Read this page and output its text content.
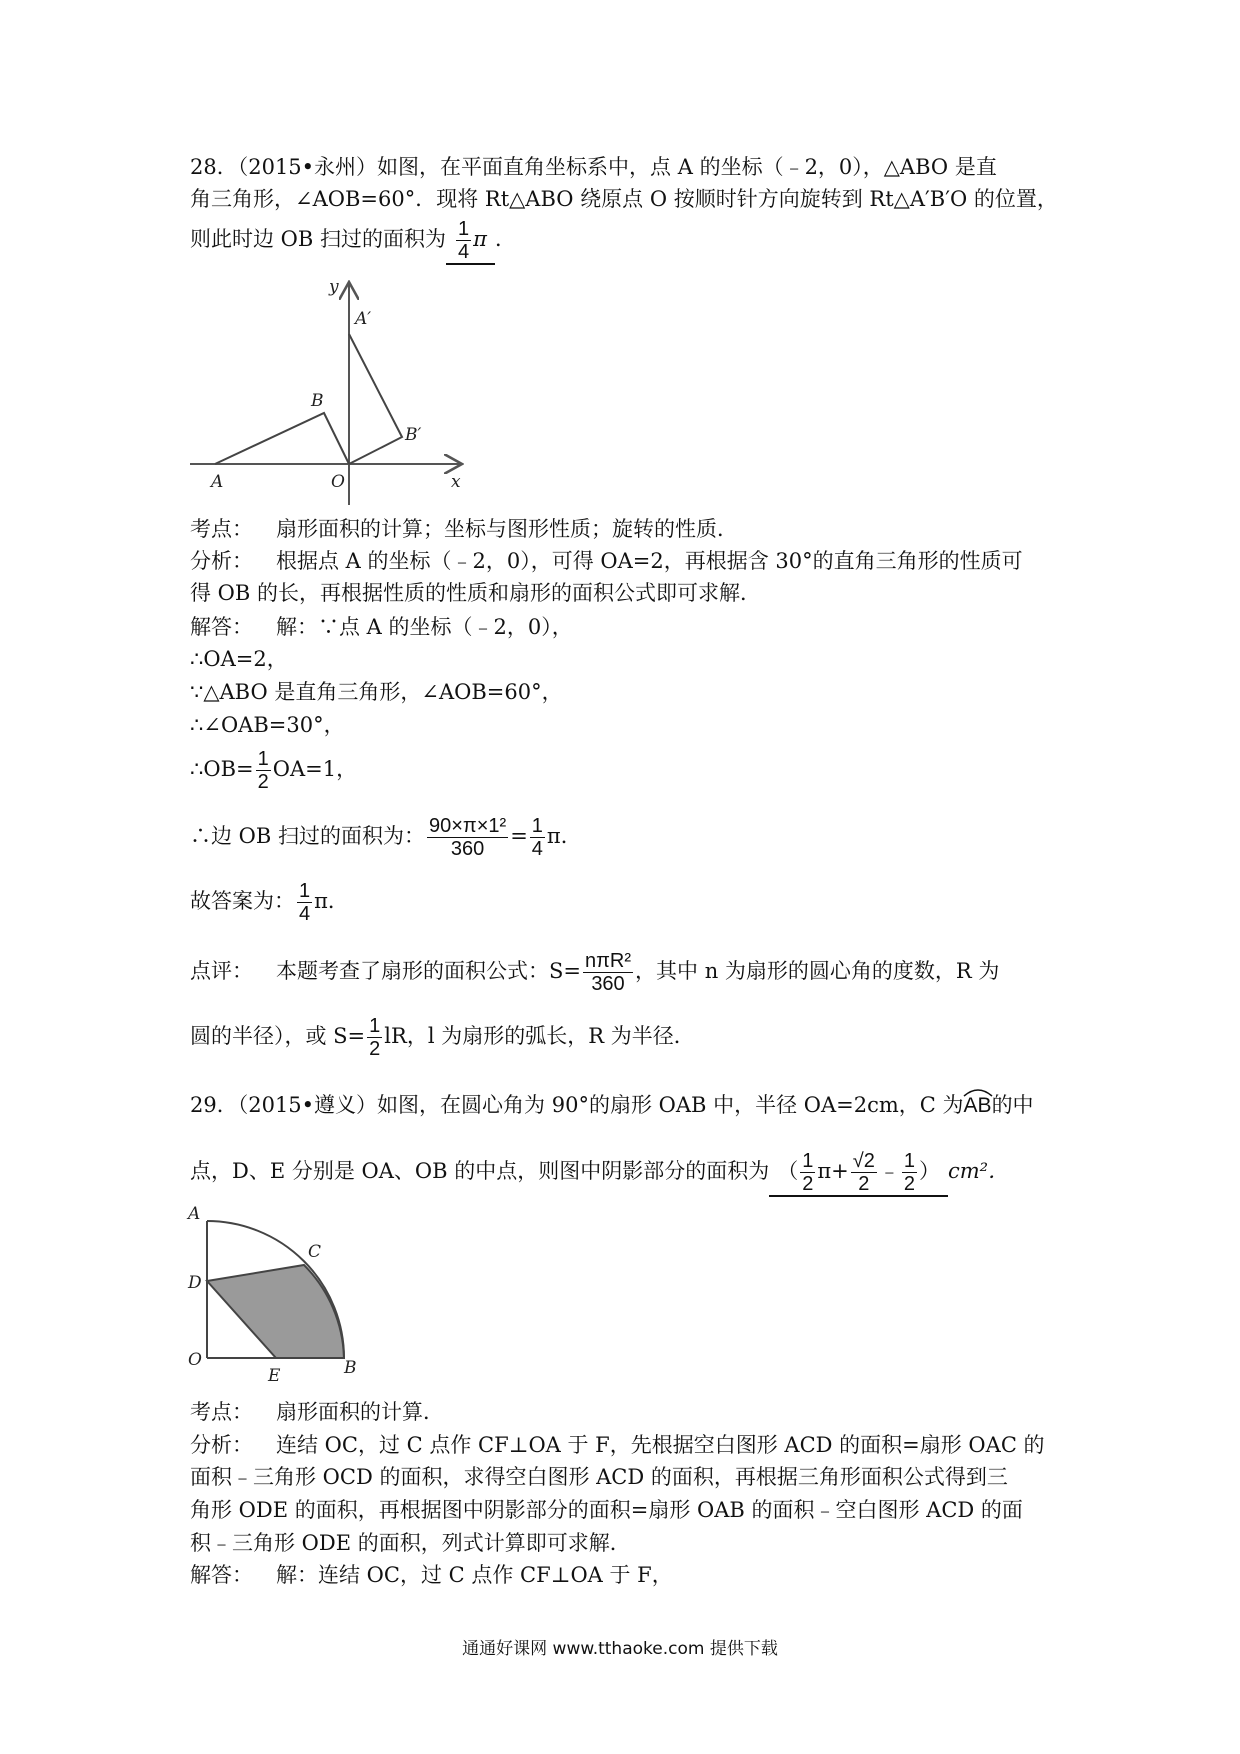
28．（2015•永州）如图，在平面直角坐标系中，点 A 的坐标（﹣2，0），△ABO 是直
角三角形，∠AOB=60°．现将 Rt△ABO 绕原点 O 按顺时针方向旋转到 Rt△A′B′O 的位置，
则此时边 OB 扫过的面积为 $\frac{1}{4}$ π ．
y
A′
B
B′
A	O	x
考点： 扇形面积的计算；坐标与图形性质；旋转的性质．
分析： 根据点 A 的坐标（﹣2，0），可得 OA=2，再根据含 30°的直角三角形的性质可
得 OB 的长，再根据性质的性质和扇形的面积公式即可求解．
解答： 解：∵点 A 的坐标（﹣2，0），
∴OA=2，
∵△ABO 是直角三角形，∠AOB=60°，
∴∠OAB=30°，
∴OB= $\frac{1}{2} OA=1$，
∴边 OB 扫过的面积为： $\frac{\text{90×π×1²}}{360} = \frac{1}{4}$ π．
故答案为： $\frac{1}{4}$ π．
点评： 本题考查了扇形的面积公式：$S= \frac{\text{nπR²}}{360}$ ，其中 n 为扇形的圆心角的度数，R 为
圆的半径），或 $S= \frac{1}{2}$ lR，l 为扇形的弧长，R 为半径．
29．（2015•遵义）如图，在圆心角为 90°的扇形 OAB 中，半径 OA=2cm，C 为
AB的中
点，D、E 分别是 OA、OB 的中点，则图中阴影部分的面积为 （ $\frac{1}{2} \pi+ \frac{√2}{2}$ ﹣ $\frac{1}{2}$ ） cm²．
A
C
D
O
E	B
考点： 扇形面积的计算．
分析： 连结 OC，过 C 点作 CF⊥OA 于 F，先根据空白图形 ACD 的面积=扇形 OAC 的
面积﹣三角形 OCD 的面积，求得空白图形 ACD 的面积，再根据三角形面积公式得到三
角形 ODE 的面积，再根据图中阴影部分的面积=扇形 OAB 的面积﹣空白图形 ACD 的面
积﹣三角形 ODE 的面积，列式计算即可求解．
解答： 解：连结 OC，过 C 点作 CF⊥OA 于 F，
通通好课网 www.tthaoke.com 提供下载
